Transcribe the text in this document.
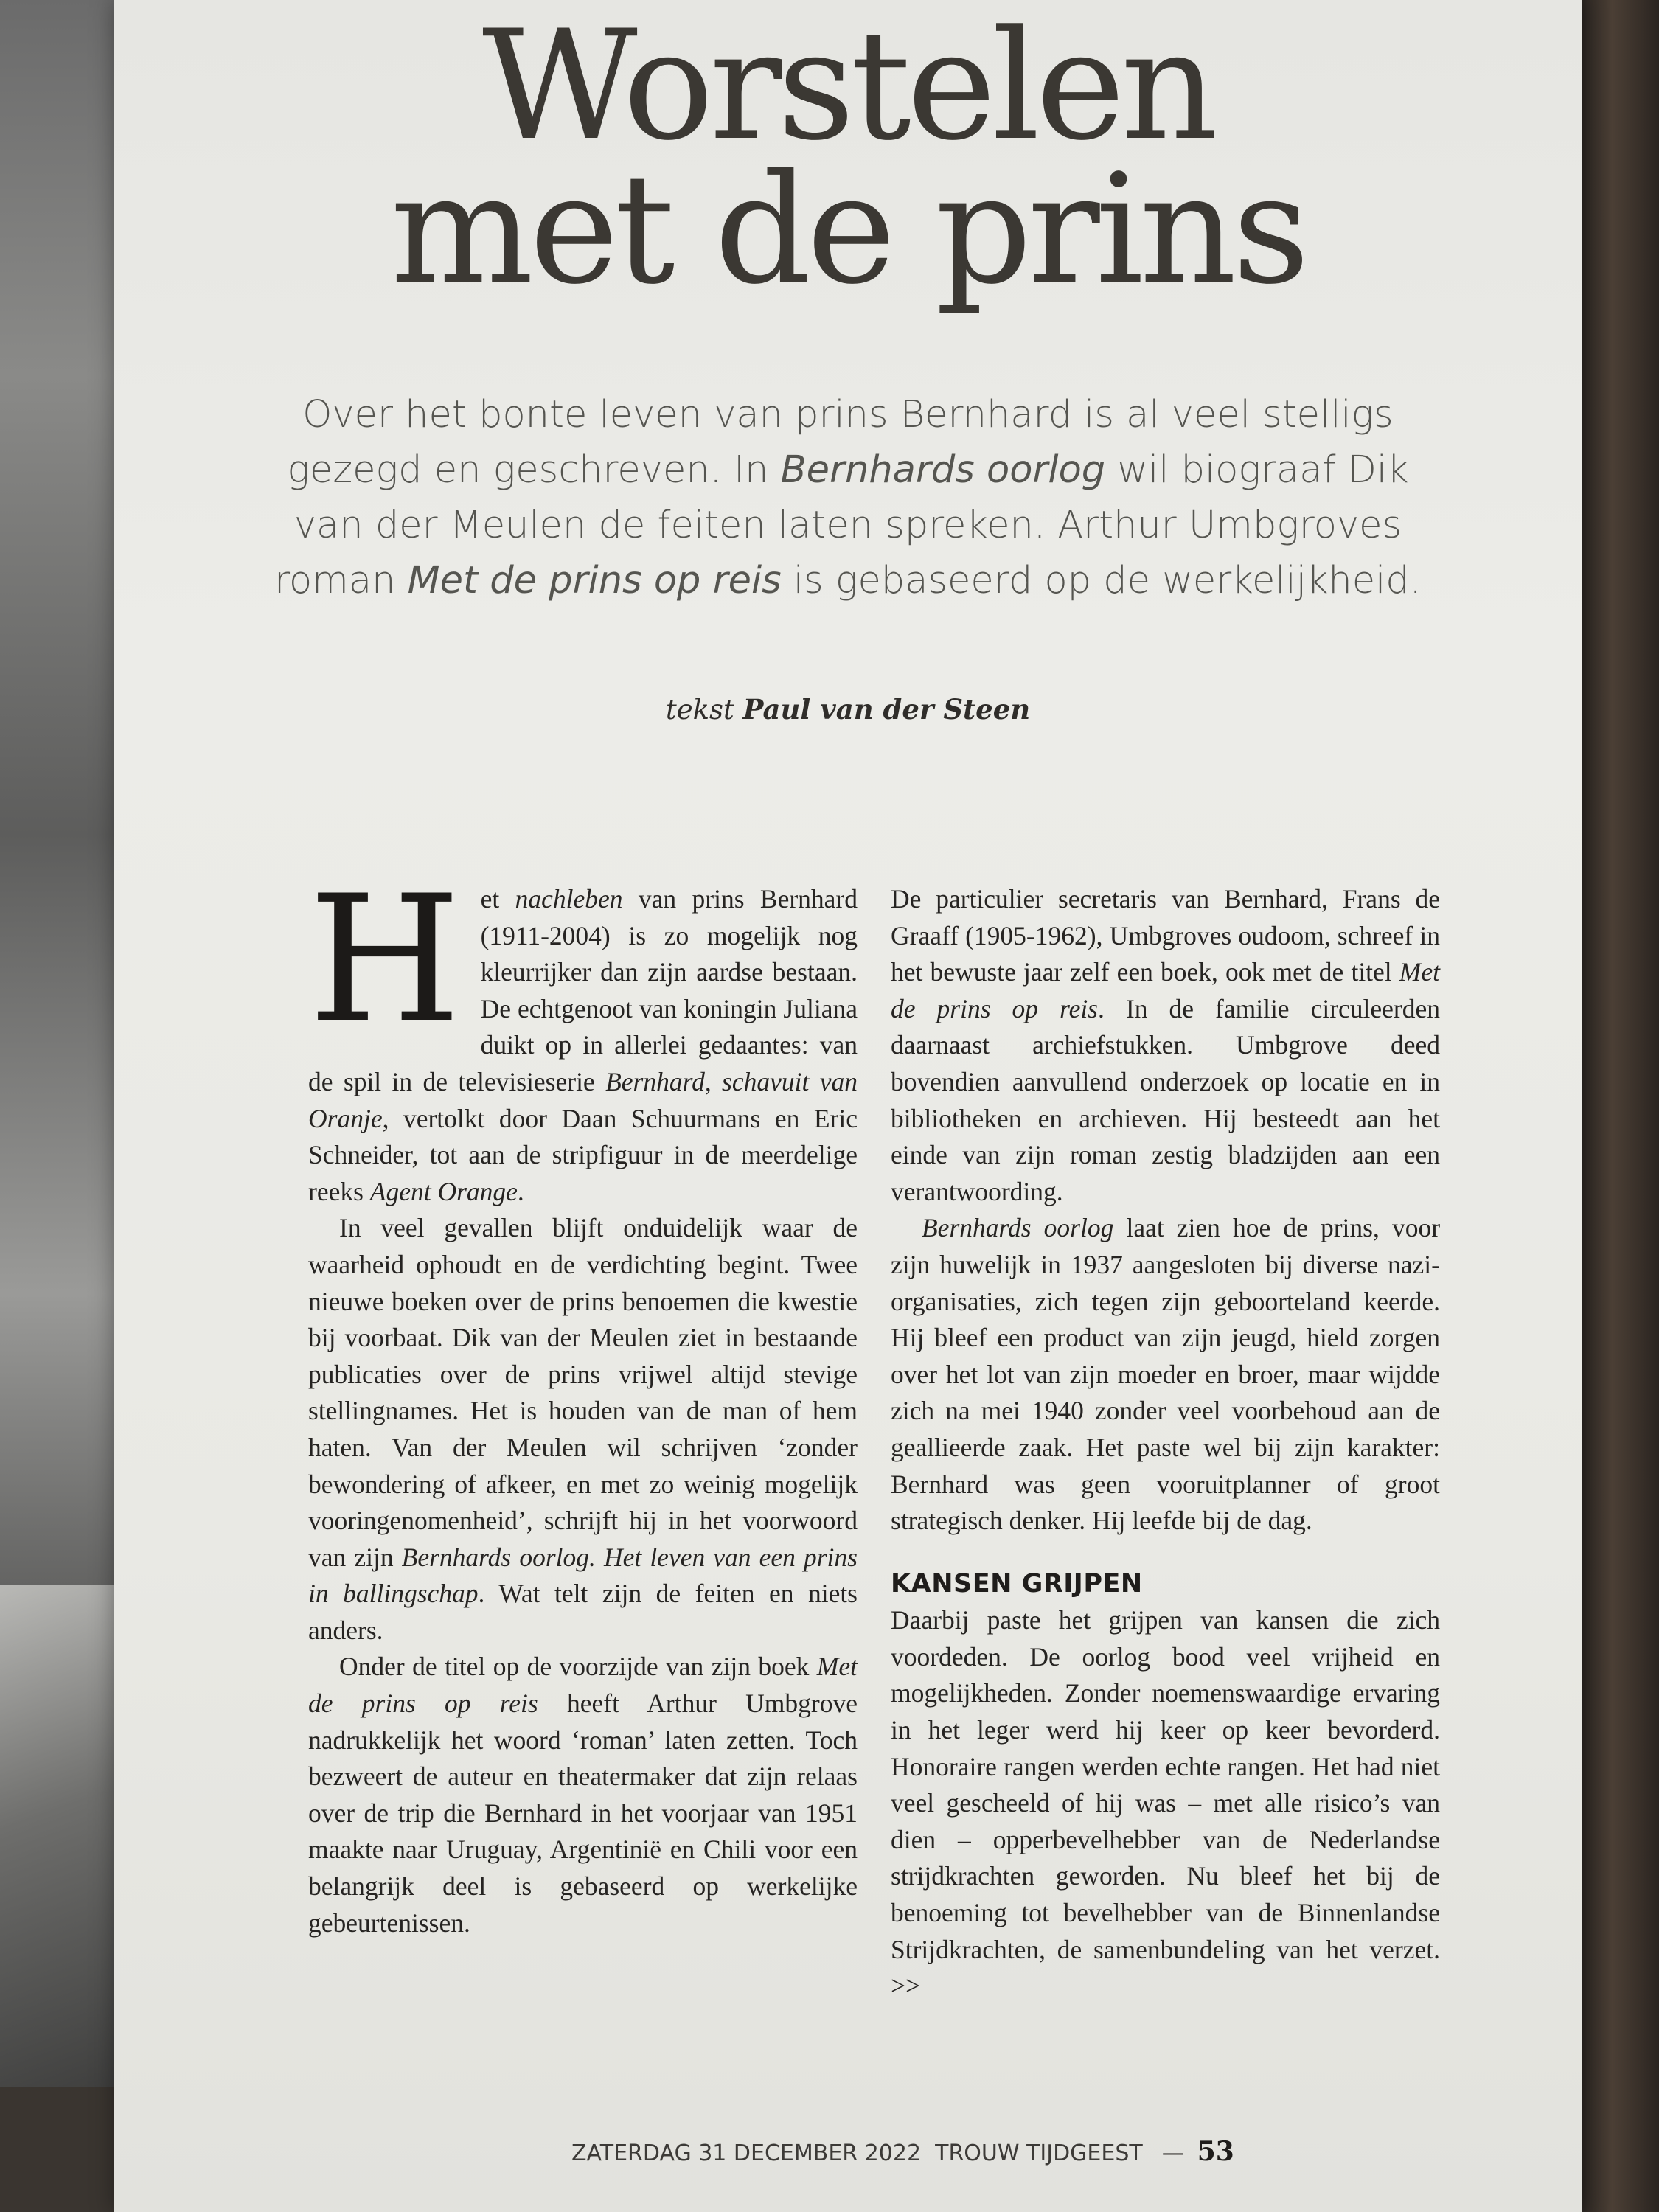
Worstelen
met de prins

Over het bonte leven van prins Bernhard is al veel stelligs gezegd en geschreven. In Bernhards oorlog wil biograaf Dik van der Meulen de feiten laten spreken. Arthur Umbgroves roman Met de prins op reis is gebaseerd op de werkelijkheid.

tekst Paul van der Steen

Het nachleben van prins Bernhard (1911-2004) is zo mogelijk nog kleurrijker dan zijn aardse bestaan. De echtgenoot van koningin Juliana duikt op in allerlei gedaantes: van de spil in de televisieserie Bernhard, schavuit van Oranje, vertolkt door Daan Schuurmans en Eric Schneider, tot aan de stripfiguur in de meerdelige reeks Agent Orange.

In veel gevallen blijft onduidelijk waar de waarheid ophoudt en de verdichting begint. Twee nieuwe boeken over de prins benoemen die kwestie bij voorbaat. Dik van der Meulen ziet in bestaande publicaties over de prins vrijwel altijd stevige stellingnames. Het is houden van de man of hem haten. Van der Meulen wil schrijven ‘zonder bewondering of afkeer, en met zo weinig mogelijk vooringenomenheid’, schrijft hij in het voorwoord van zijn Bernhards oorlog. Het leven van een prins in ballingschap. Wat telt zijn de feiten en niets anders.

Onder de titel op de voorzijde van zijn boek Met de prins op reis heeft Arthur Umbgrove nadrukkelijk het woord ‘roman’ laten zetten. Toch bezweert de auteur en theatermaker dat zijn relaas over de trip die Bernhard in het voorjaar van 1951 maakte naar Uruguay, Argentinië en Chili voor een belangrijk deel is gebaseerd op werkelijke gebeurtenissen.

De particulier secretaris van Bernhard, Frans de Graaff (1905-1962), Umbgroves oudoom, schreef in het bewuste jaar zelf een boek, ook met de titel Met de prins op reis. In de familie circuleerden daarnaast archiefstukken. Umbgrove deed bovendien aanvullend onderzoek op locatie en in bibliotheken en archieven. Hij besteedt aan het einde van zijn roman zestig bladzijden aan een verantwoording.

Bernhards oorlog laat zien hoe de prins, voor zijn huwelijk in 1937 aangesloten bij diverse nazi-organisaties, zich tegen zijn geboorteland keerde. Hij bleef een product van zijn jeugd, hield zorgen over het lot van zijn moeder en broer, maar wijdde zich na mei 1940 zonder veel voorbehoud aan de geallieerde zaak. Het paste wel bij zijn karakter: Bernhard was geen vooruitplanner of groot strategisch denker. Hij leefde bij de dag.

KANSEN GRIJPEN

Daarbij paste het grijpen van kansen die zich voordeden. De oorlog bood veel vrijheid en mogelijkheden. Zonder noemenswaardige ervaring in het leger werd hij keer op keer bevorderd. Honoraire rangen werden echte rangen. Het had niet veel gescheeld of hij was – met alle risico’s van dien – opperbevelhebber van de Nederlandse strijdkrachten geworden. Nu bleef het bij de benoeming tot bevelhebber van de Binnenlandse Strijdkrachten, de samenbundeling van het verzet. >>

ZATERDAG 31 DECEMBER 2022 TROUW TIJDGEEST — 53
